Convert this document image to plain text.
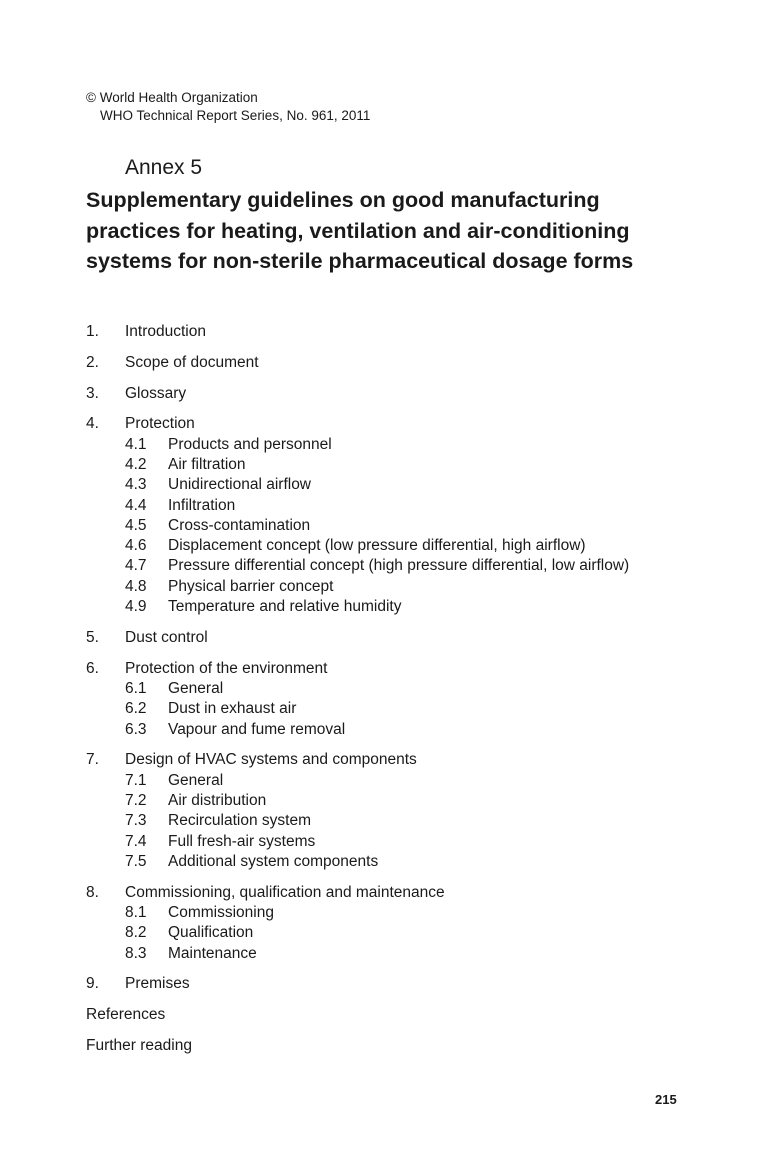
© World Health Organization
WHO Technical Report Series, No. 961, 2011
Annex 5
Supplementary guidelines on good manufacturing practices for heating, ventilation and air-conditioning systems for non-sterile pharmaceutical dosage forms
1. Introduction
2. Scope of document
3. Glossary
4. Protection
4.1 Products and personnel
4.2 Air filtration
4.3 Unidirectional airflow
4.4 Infiltration
4.5 Cross-contamination
4.6 Displacement concept (low pressure differential, high airflow)
4.7 Pressure differential concept (high pressure differential, low airflow)
4.8 Physical barrier concept
4.9 Temperature and relative humidity
5. Dust control
6. Protection of the environment
6.1 General
6.2 Dust in exhaust air
6.3 Vapour and fume removal
7. Design of HVAC systems and components
7.1 General
7.2 Air distribution
7.3 Recirculation system
7.4 Full fresh-air systems
7.5 Additional system components
8. Commissioning, qualification and maintenance
8.1 Commissioning
8.2 Qualification
8.3 Maintenance
9. Premises
References
Further reading
215
